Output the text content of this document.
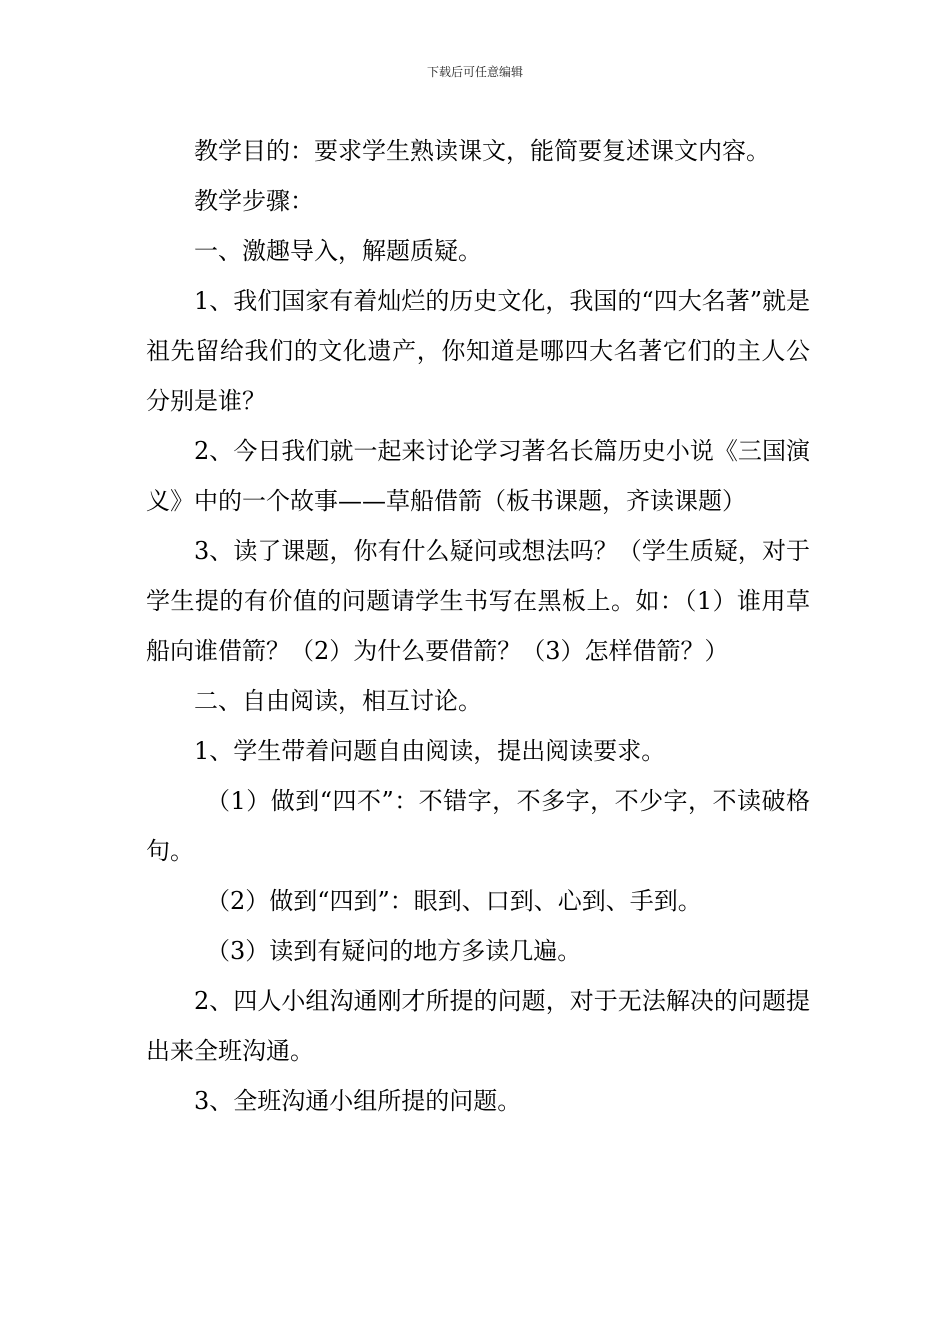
下载后可任意编辑

教学目的：要求学生熟读课文，能简要复述课文内容。

教学步骤：

一、激趣导入，解题质疑。

1、我们国家有着灿烂的历史文化，我国的“四大名著”就是祖先留给我们的文化遗产，你知道是哪四大名著它们的主人公分别是谁？

2、今日我们就一起来讨论学习著名长篇历史小说《三国演义》中的一个故事——草船借箭（板书课题，齐读课题）

3、读了课题，你有什么疑问或想法吗？（学生质疑，对于学生提的有价值的问题请学生书写在黑板上。如：（1）谁用草船向谁借箭？（2）为什么要借箭？（3）怎样借箭？）

二、自由阅读，相互讨论。

1、学生带着问题自由阅读，提出阅读要求。

（1）做到“四不”：不错字，不多字，不少字，不读破格句。

（2）做到“四到”：眼到、口到、心到、手到。

（3）读到有疑问的地方多读几遍。

2、四人小组沟通刚才所提的问题，对于无法解决的问题提出来全班沟通。

3、全班沟通小组所提的问题。
